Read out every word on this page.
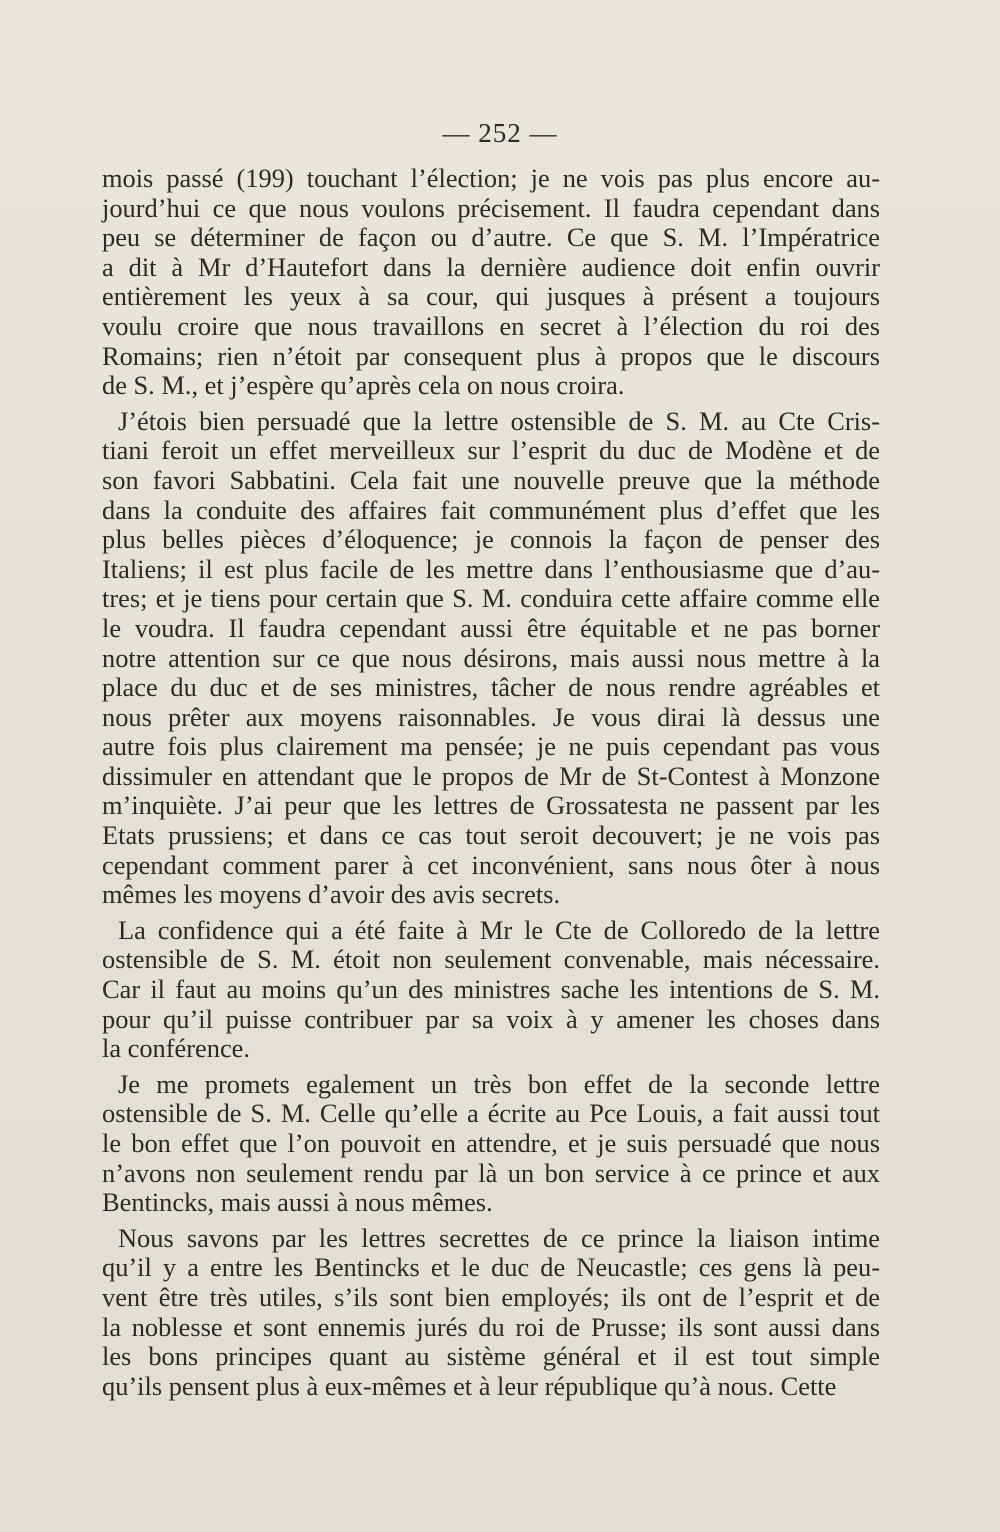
— 252 —
mois passé (199) touchant l’élection; je ne vois pas plus encore au-
jourd’hui ce que nous voulons précisement. Il faudra cependant dans
peu se déterminer de façon ou d’autre. Ce que S. M. l’Impératrice
a dit à Mr d’Hautefort dans la dernière audience doit enfin ouvrir
entièrement les yeux à sa cour, qui jusques à présent a toujours
voulu croire que nous travaillons en secret à l’élection du roi des
Romains; rien n’étoit par consequent plus à propos que le discours
de S. M., et j’espère qu’après cela on nous croira.
J’étois bien persuadé que la lettre ostensible de S. M. au Cte Cris-
tiani feroit un effet merveilleux sur l’esprit du duc de Modène et de
son favori Sabbatini. Cela fait une nouvelle preuve que la méthode
dans la conduite des affaires fait communément plus d’effet que les
plus belles pièces d’éloquence; je connois la façon de penser des
Italiens; il est plus facile de les mettre dans l’enthousiasme que d’au-
tres; et je tiens pour certain que S. M. conduira cette affaire comme elle
le voudra. Il faudra cependant aussi être équitable et ne pas borner
notre attention sur ce que nous désirons, mais aussi nous mettre à la
place du duc et de ses ministres, tâcher de nous rendre agréables et
nous prêter aux moyens raisonnables. Je vous dirai là dessus une
autre fois plus clairement ma pensée; je ne puis cependant pas vous
dissimuler en attendant que le propos de Mr de St-Contest à Monzone
m’inquiète. J’ai peur que les lettres de Grossatesta ne passent par les
Etats prussiens; et dans ce cas tout seroit decouvert; je ne vois pas
cependant comment parer à cet inconvénient, sans nous ôter à nous
mêmes les moyens d’avoir des avis secrets.
La confidence qui a été faite à Mr le Cte de Colloredo de la lettre
ostensible de S. M. étoit non seulement convenable, mais nécessaire.
Car il faut au moins qu’un des ministres sache les intentions de S. M.
pour qu’il puisse contribuer par sa voix à y amener les choses dans
la conférence.
Je me promets egalement un très bon effet de la seconde lettre
ostensible de S. M. Celle qu’elle a écrite au Pce Louis, a fait aussi tout
le bon effet que l’on pouvoit en attendre, et je suis persuadé que nous
n’avons non seulement rendu par là un bon service à ce prince et aux
Bentincks, mais aussi à nous mêmes.
Nous savons par les lettres secrettes de ce prince la liaison intime
qu’il y a entre les Bentincks et le duc de Neucastle; ces gens là peu-
vent être très utiles, s’ils sont bien employés; ils ont de l’esprit et de
la noblesse et sont ennemis jurés du roi de Prusse; ils sont aussi dans
les bons principes quant au sistème général et il est tout simple
qu’ils pensent plus à eux-mêmes et à leur république qu’à nous. Cette
